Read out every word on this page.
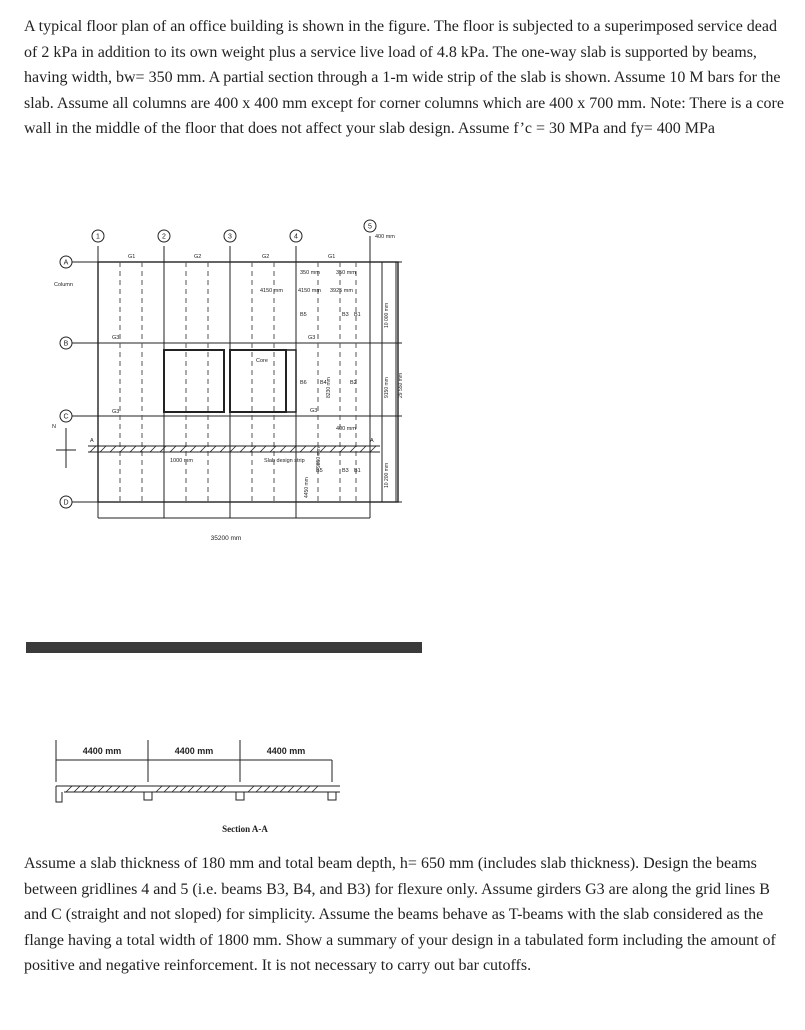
A typical floor plan of an office building is shown in the figure. The floor is subjected to a superimposed service dead of 2 kPa in addition to its own weight plus a service live load of 4.8 kPa. The one-way slab is supported by beams, having width, bw= 350 mm. A partial section through a 1-m wide strip of the slab is shown. Assume 10 M bars for the slab. Assume all columns are 400 x 400 mm except for corner columns which are 400 x 700 mm. Note: There is a core wall in the middle of the floor that does not affect your slab design. Assume f’c = 30 MPa and fy= 400 MPa

1	2	3	4
5
A
B
C
D
Column
Core
G1	G2	G2	G1
G3	G3
G3	G3
B5	B3 B1
B6 B4	B2
B5	B3 B1
400 mm
350 mm	350 mm
4150 mm	4150 mm 3925 mm
1000 mm
400 mm
Slab design strip
A	A
N
10 000 mm
9150 mm 29 550 mm
10 200 mm
8230 mm
9850 mm
4450 mm
35200 mm
4400 mm	4400 mm	4400 mm
Section A-A

Assume a slab thickness of 180 mm and total beam depth, h= 650 mm (includes slab thickness). Design the beams between gridlines 4 and 5 (i.e. beams B3, B4, and B3) for flexure only. Assume girders G3 are along the grid lines B and C (straight and not sloped) for simplicity. Assume the beams behave as T-beams with the slab considered as the flange having a total width of 1800 mm. Show a summary of your design in a tabulated form including the amount of positive and negative reinforcement. It is not necessary to carry out bar cutoffs.
